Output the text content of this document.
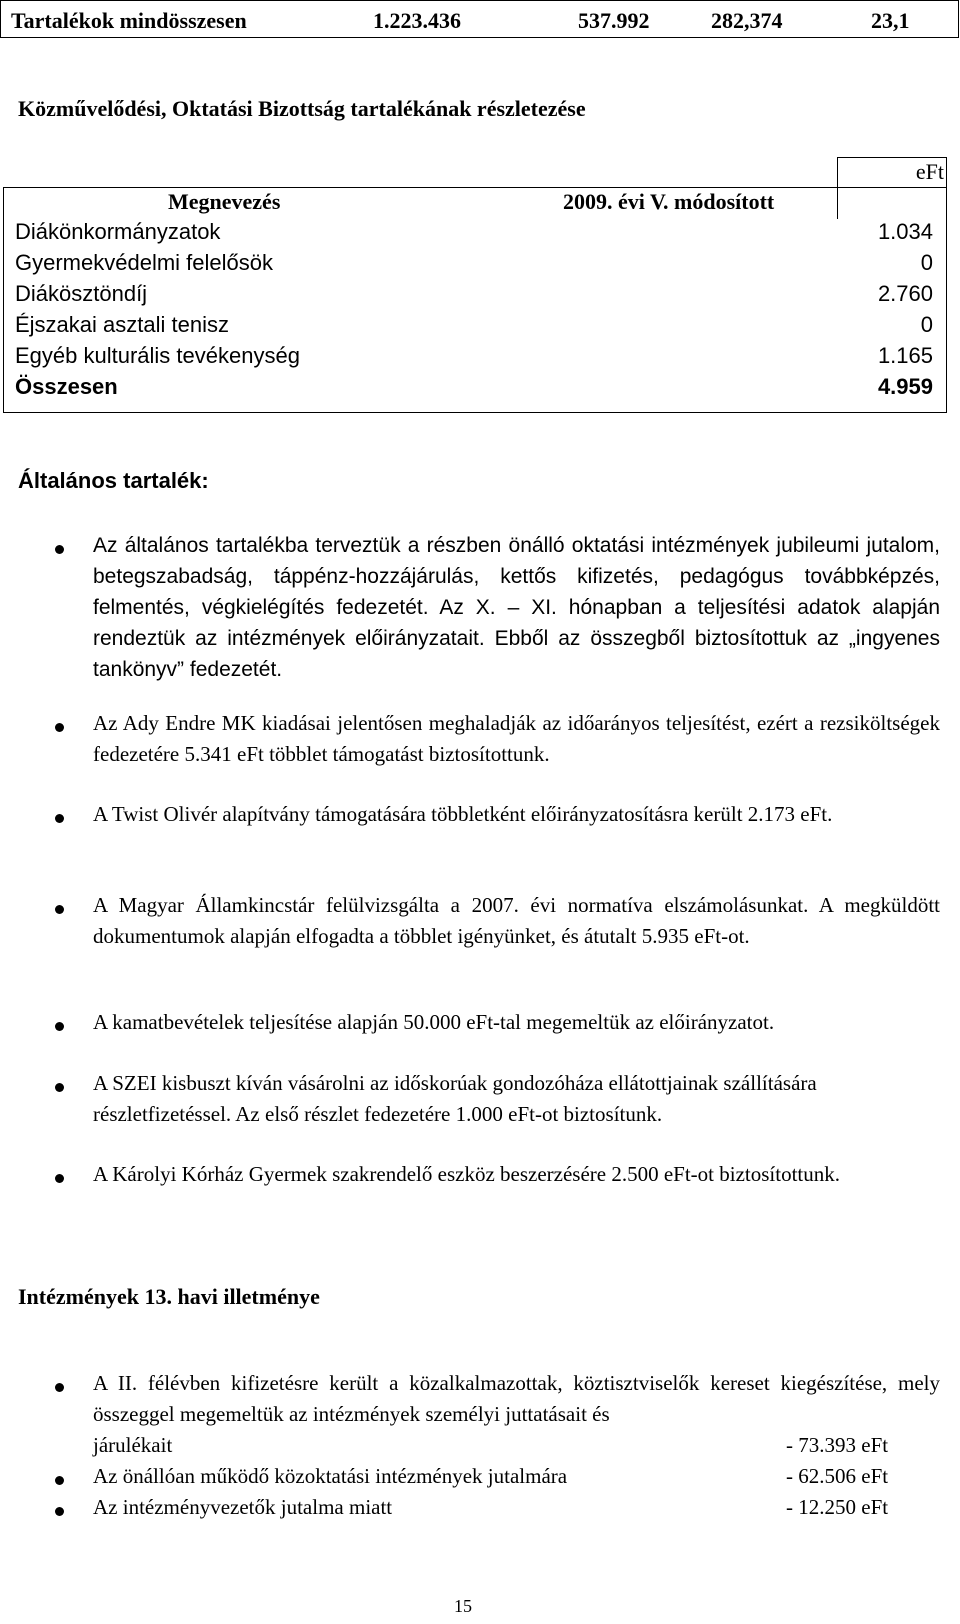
Tartalékok mindösszesen	1.223.436	537.992	282,374	23,1
Közművelődési, Oktatási Bizottság tartalékának részletezése
eFt
Megnevezés	2009. évi V. módosított
Diákönkormányzatok	1.034
Gyermekvédelmi felelősök	0
Diákösztöndíj	2.760
Éjszakai asztali tenisz	0
Egyéb kulturális tevékenység	1.165
Összesen	4.959
Általános tartalék:
Az általános tartalékba terveztük a részben önálló oktatási intézmények jubileumi jutalom, betegszabadság, táppénz-hozzájárulás, kettős kifizetés, pedagógus továbbképzés, felmentés, végkielégítés fedezetét. Az X. – XI. hónapban a teljesítési adatok alapján rendeztük az intézmények előirányzatait. Ebből az összegből biztosítottuk az „ingyenes tankönyv” fedezetét.
Az Ady Endre MK kiadásai jelentősen meghaladják az időarányos teljesítést, ezért a rezsiköltségek fedezetére 5.341 eFt többlet támogatást biztosítottunk.
A Twist Olivér alapítvány támogatására többletként előirányzatosításra került 2.173 eFt.
A Magyar Államkincstár felülvizsgálta a 2007. évi normatíva elszámolásunkat. A megküldött dokumentumok alapján elfogadta a többlet igényünket, és átutalt 5.935 eFt-ot.
A kamatbevételek teljesítése alapján 50.000 eFt-tal megemeltük az előirányzatot.
A SZEI kisbuszt kíván vásárolni az időskorúak gondozóháza ellátottjainak szállítására részletfizetéssel. Az első részlet fedezetére 1.000 eFt-ot biztosítunk.
A Károlyi Kórház Gyermek szakrendelő eszköz beszerzésére 2.500 eFt-ot biztosítottunk.
Intézmények 13. havi illetménye
A II. félévben kifizetésre került a közalkalmazottak, köztisztviselők kereset kiegészítése, mely összeggel megemeltük az intézmények személyi juttatásait és
járulékait	- 73.393 eFt
Az önállóan működő közoktatási intézmények jutalmára	- 62.506 eFt
Az intézményvezetők jutalma miatt	- 12.250 eFt
15
